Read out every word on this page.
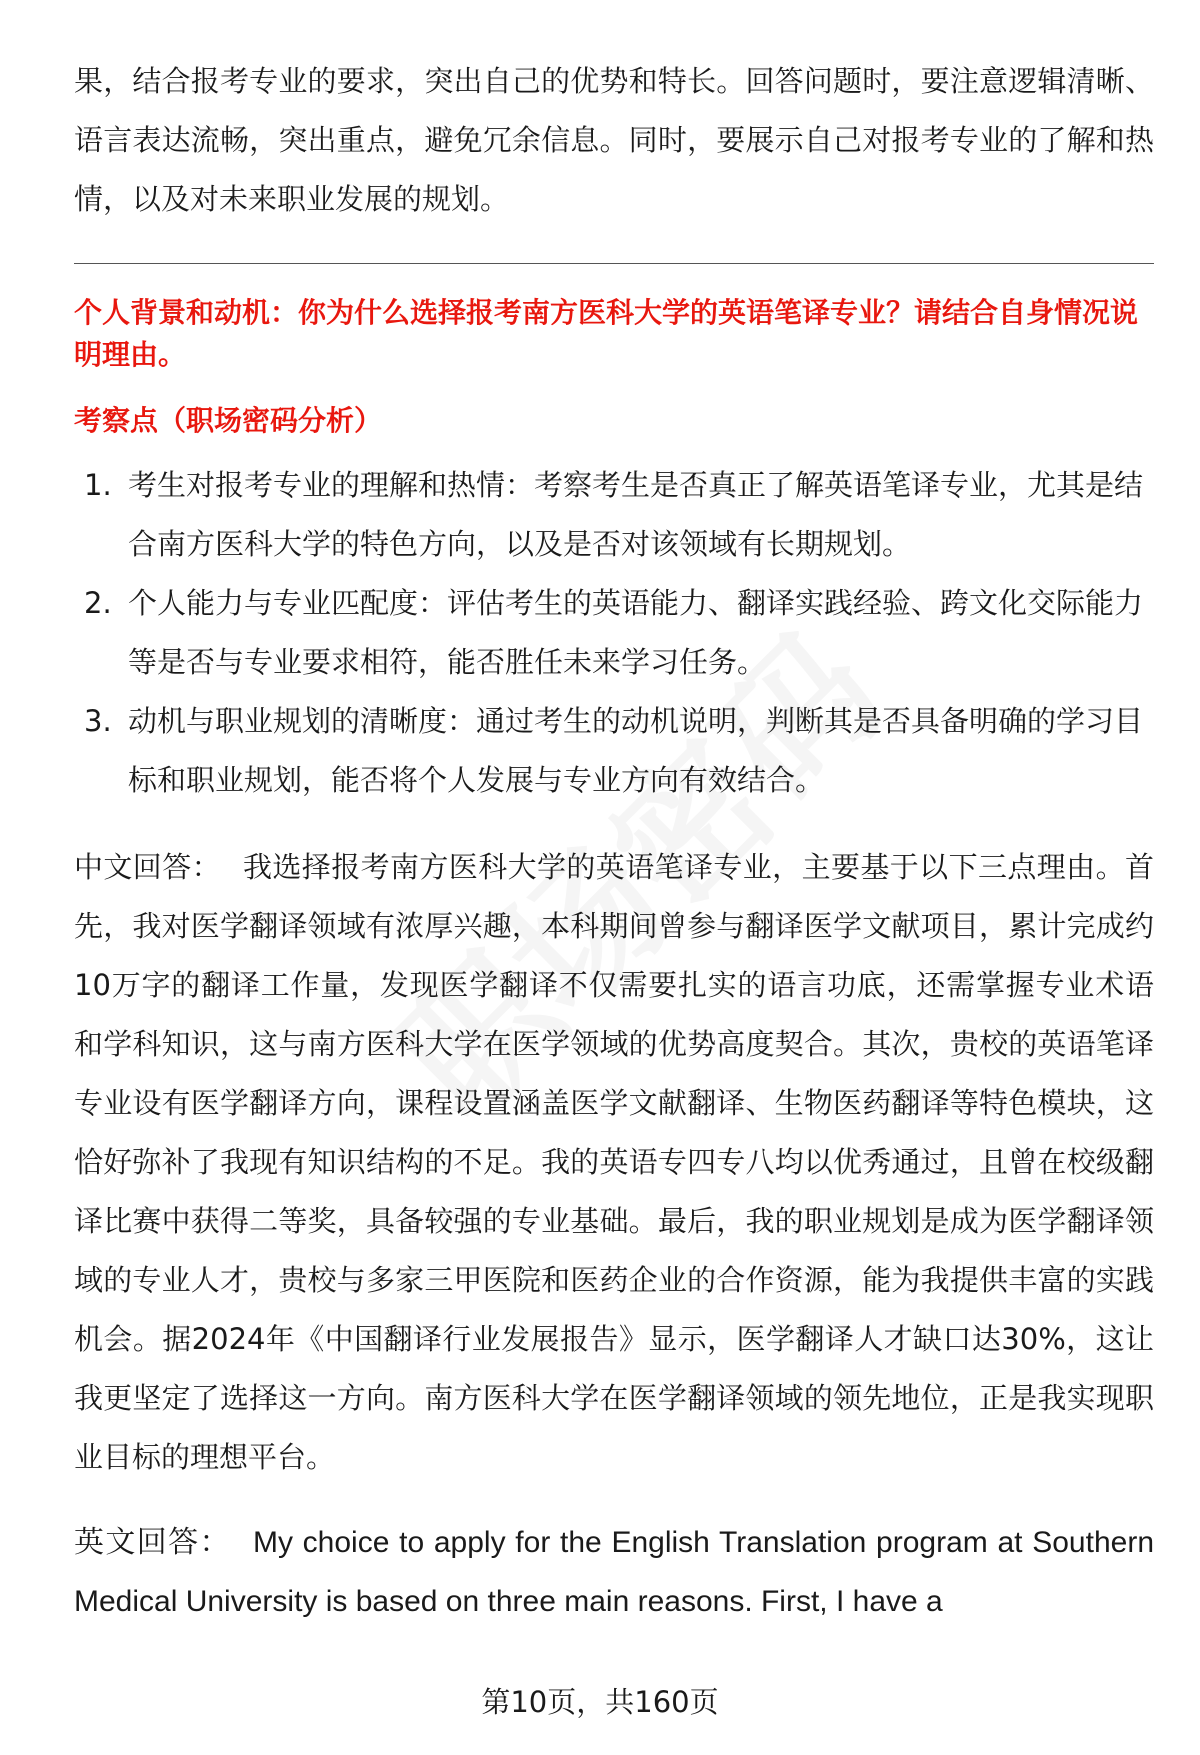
果，结合报考专业的要求，突出自己的优势和特长。回答问题时，要注意逻辑清晰、语言表达流畅，突出重点，避免冗余信息。同时，要展示自己对报考专业的了解和热情，以及对未来职业发展的规划。

个人背景和动机：你为什么选择报考南方医科大学的英语笔译专业？请结合自身情况说明理由。

考察点（职场密码分析）

1. 考生对报考专业的理解和热情：考察考生是否真正了解英语笔译专业，尤其是结合南方医科大学的特色方向，以及是否对该领域有长期规划。
2. 个人能力与专业匹配度：评估考生的英语能力、翻译实践经验、跨文化交际能力等是否与专业要求相符，能否胜任未来学习任务。
3. 动机与职业规划的清晰度：通过考生的动机说明，判断其是否具备明确的学习目标和职业规划，能否将个人发展与专业方向有效结合。

中文回答： 我选择报考南方医科大学的英语笔译专业，主要基于以下三点理由。首先，我对医学翻译领域有浓厚兴趣，本科期间曾参与翻译医学文献项目，累计完成约10万字的翻译工作量，发现医学翻译不仅需要扎实的语言功底，还需掌握专业术语和学科知识，这与南方医科大学在医学领域的优势高度契合。其次，贵校的英语笔译专业设有医学翻译方向，课程设置涵盖医学文献翻译、生物医药翻译等特色模块，这恰好弥补了我现有知识结构的不足。我的英语专四专八均以优秀通过，且曾在校级翻译比赛中获得二等奖，具备较强的专业基础。最后，我的职业规划是成为医学翻译领域的专业人才，贵校与多家三甲医院和医药企业的合作资源，能为我提供丰富的实践机会。据2024年《中国翻译行业发展报告》显示，医学翻译人才缺口达30%，这让我更坚定了选择这一方向。南方医科大学在医学翻译领域的领先地位，正是我实现职业目标的理想平台。

英文回答： My choice to apply for the English Translation program at Southern Medical University is based on three main reasons. First, I have a

第10页，共160页
